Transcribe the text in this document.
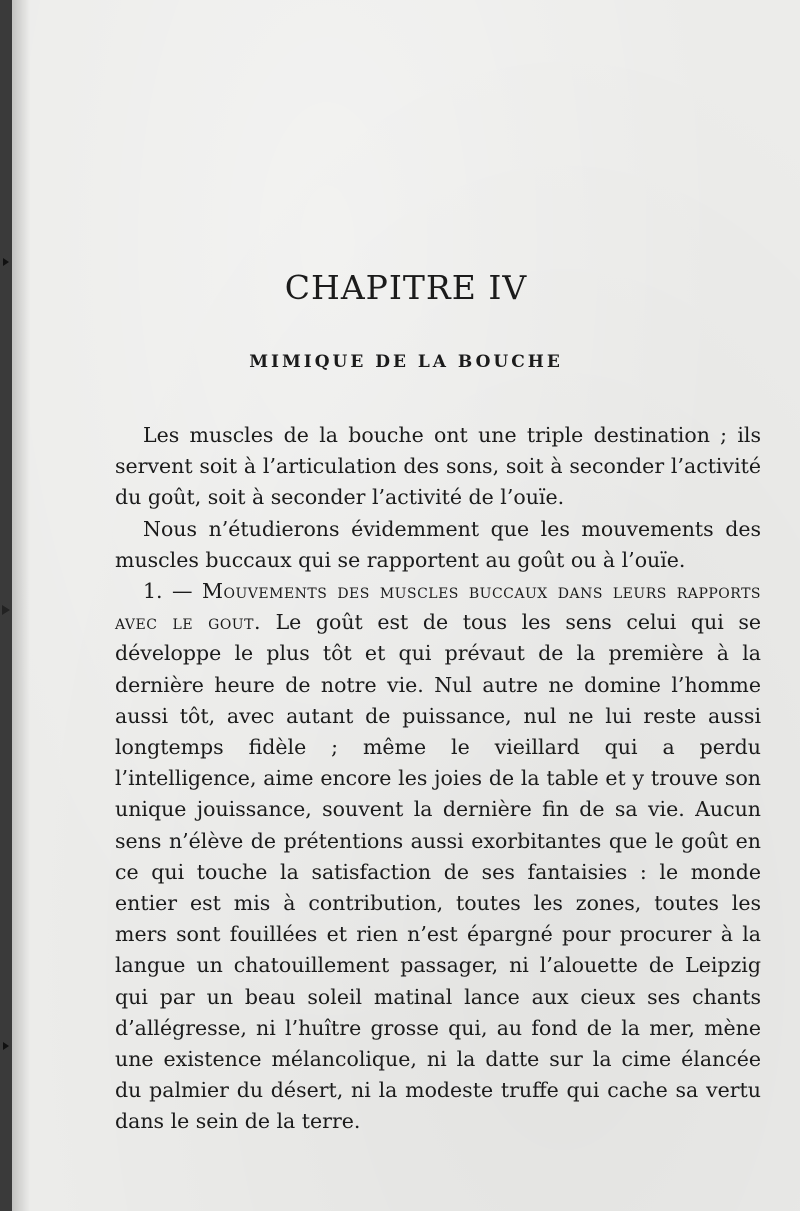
CHAPITRE IV
MIMIQUE DE LA BOUCHE

Les muscles de la bouche ont une triple destination ; ils servent soit à l’articulation des sons, soit à seconder l’activité du goût, soit à seconder l’activité de l’ouïe.

Nous n’étudierons évidemment que les mouvements des muscles buccaux qui se rapportent au goût ou à l’ouïe.

1. — Mouvements des muscles buccaux dans leurs rapports avec le gout. Le goût est de tous les sens celui qui se développe le plus tôt et qui prévaut de la première à la dernière heure de notre vie. Nul autre ne domine l’homme aussi tôt, avec autant de puissance, nul ne lui reste aussi longtemps fidèle ; même le vieillard qui a perdu l’intelligence, aime encore les joies de la table et y trouve son unique jouissance, souvent la dernière fin de sa vie. Aucun sens n’élève de prétentions aussi exorbitantes que le goût en ce qui touche la satisfaction de ses fantaisies : le monde entier est mis à contribution, toutes les zones, toutes les mers sont fouillées et rien n’est épargné pour procurer à la langue un chatouillement passager, ni l’alouette de Leipzig qui par un beau soleil matinal lance aux cieux ses chants d’allégresse, ni l’huître grosse qui, au fond de la mer, mène une existence mélancolique, ni la datte sur la cime élancée du palmier du désert, ni la modeste truffe qui cache sa vertu dans le sein de la terre.
